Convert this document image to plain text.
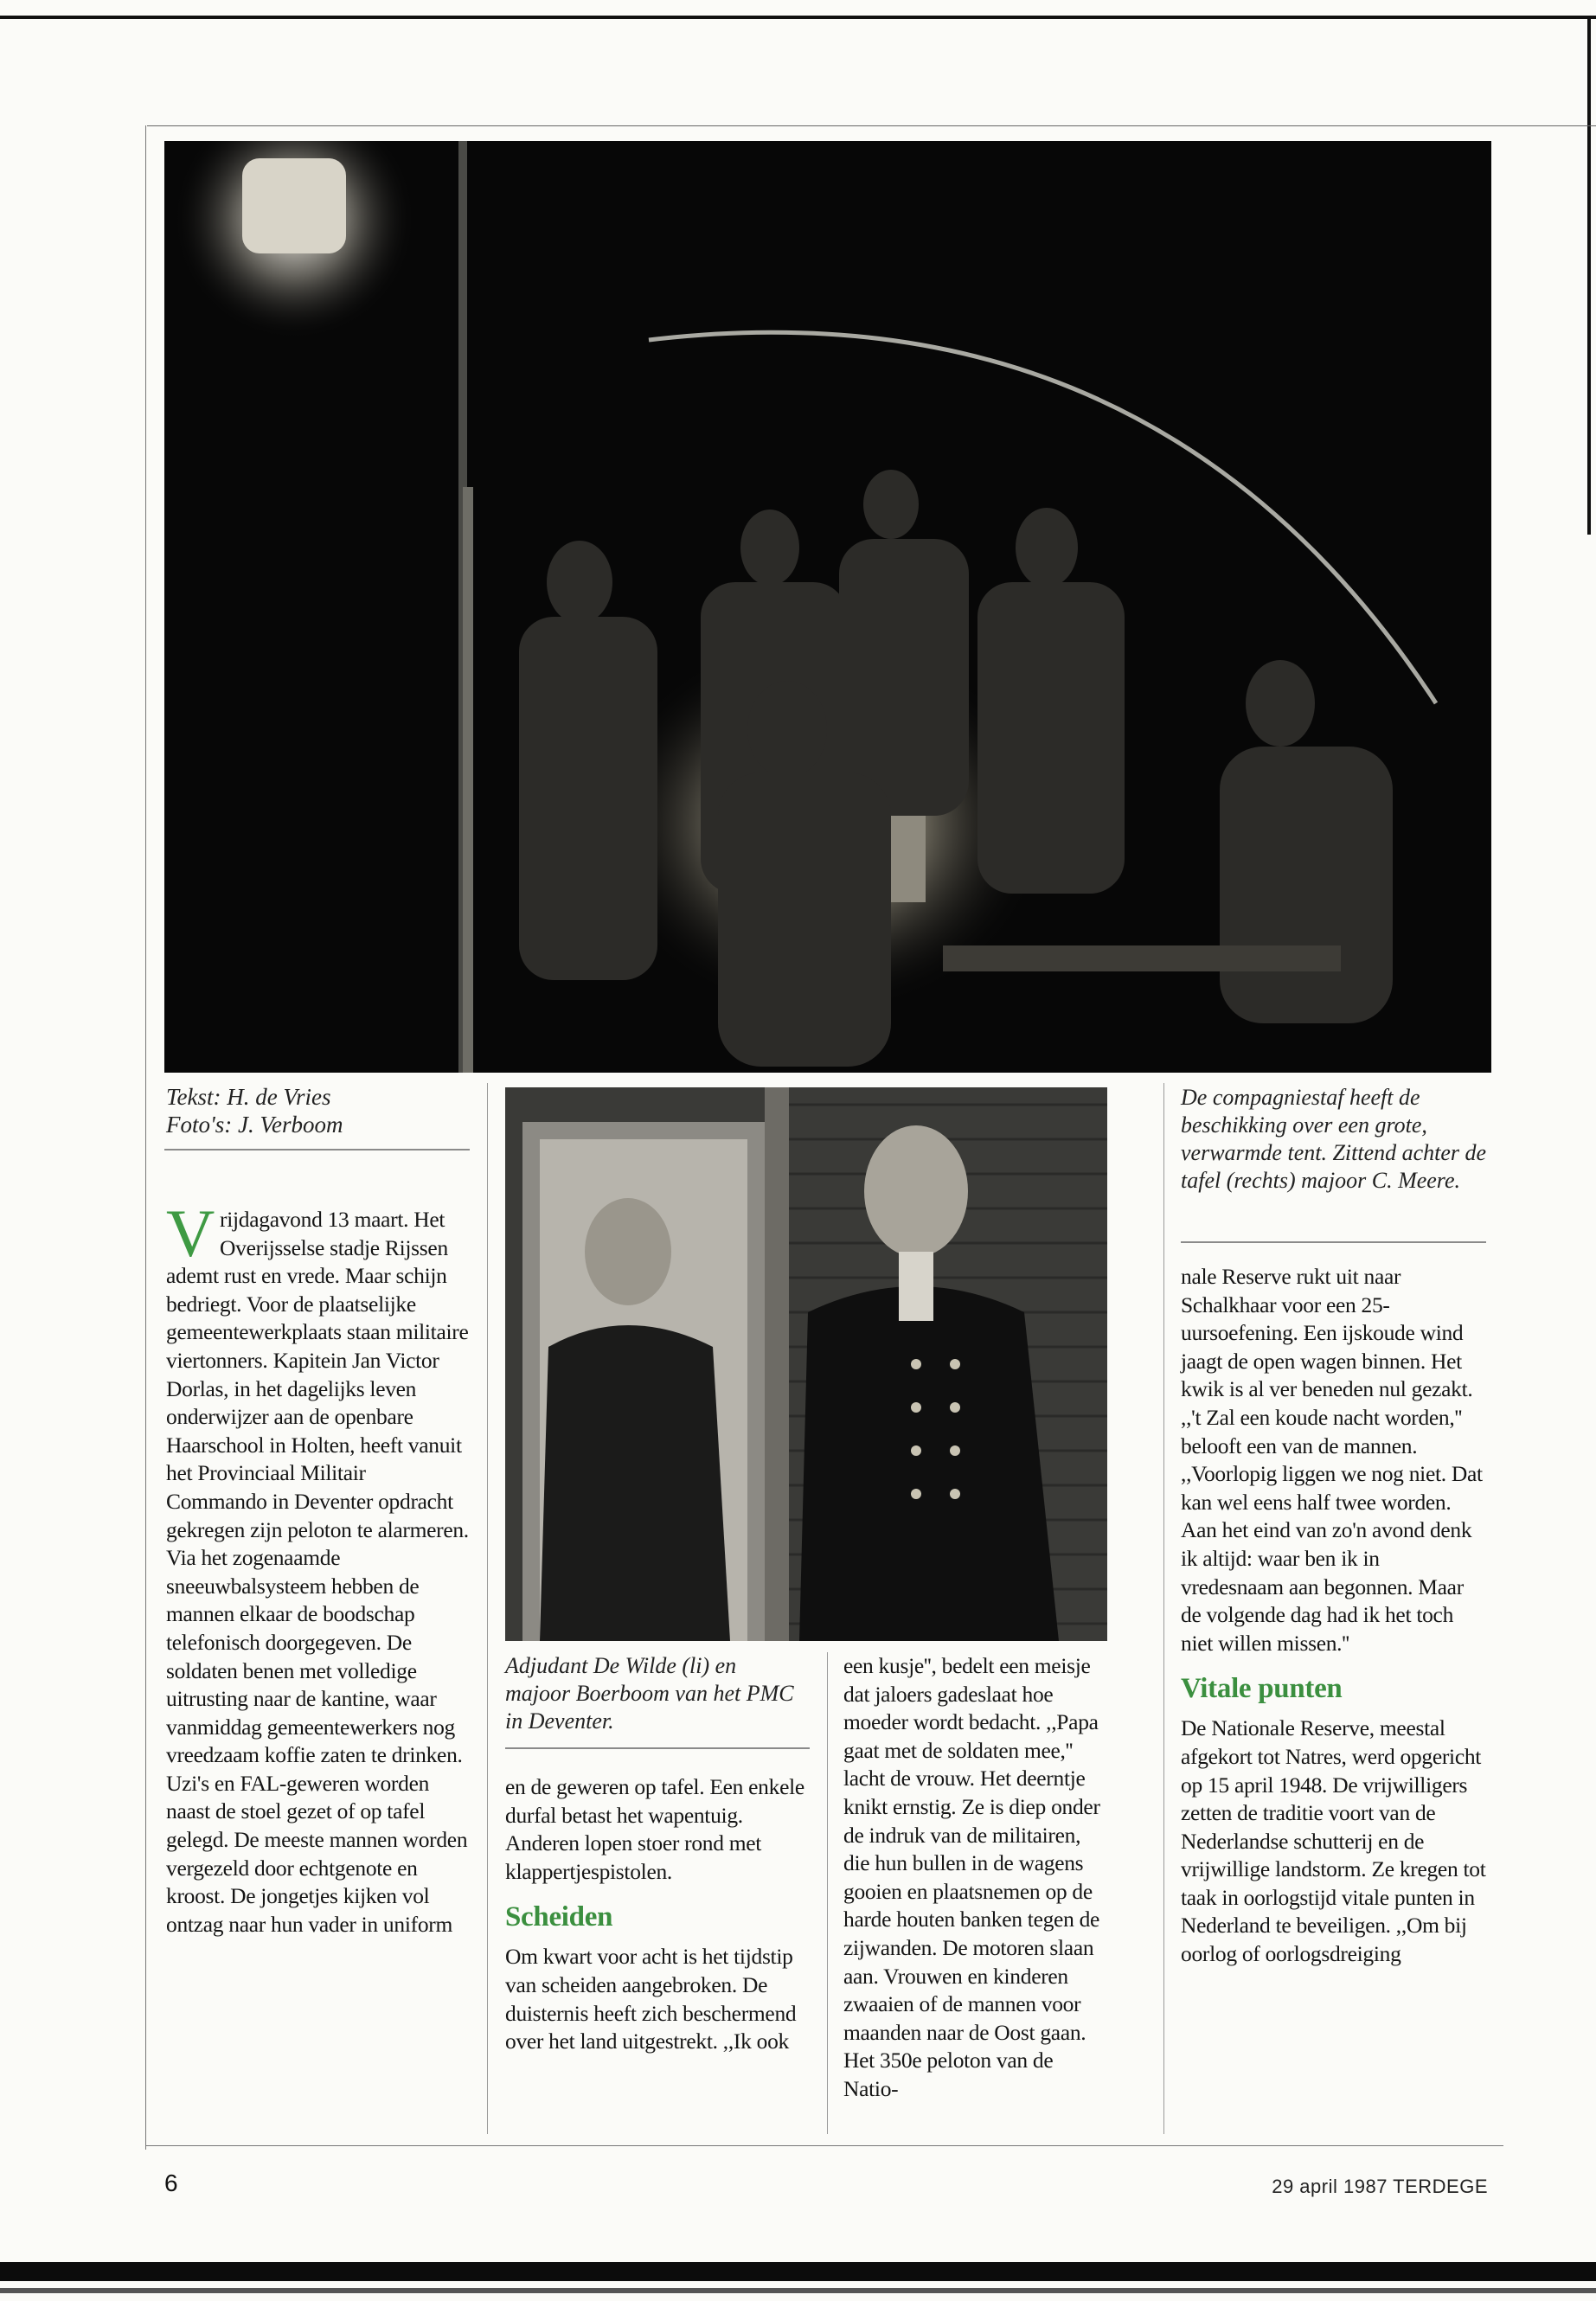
Tekst: H. de Vries
Foto's: J. Verboom

Vrijdagavond 13 maart. Het Overijsselse stadje Rijssen ademt rust en vrede. Maar schijn bedriegt. Voor de plaatselijke gemeentewerkplaats staan militaire viertonners. Kapitein Jan Victor Dorlas, in het dagelijks leven onderwijzer aan de openbare Haarschool in Holten, heeft vanuit het Provinciaal Militair Commando in Deventer opdracht gekregen zijn peloton te alarmeren. Via het zogenaamde sneeuwbalsysteem hebben de mannen elkaar de boodschap telefonisch doorgegeven. De soldaten benen met volledige uitrusting naar de kantine, waar vanmiddag gemeentewerkers nog vreedzaam koffie zaten te drinken. Uzi's en FAL-geweren worden naast de stoel gezet of op tafel gelegd. De meeste mannen worden vergezeld door echtgenote en kroost. De jongetjes kijken vol ontzag naar hun vader in uniform

Adjudant De Wilde (li) en majoor Boerboom van het PMC in Deventer.

en de geweren op tafel. Een enkele durfal betast het wapentuig. Anderen lopen stoer rond met klappertjespistolen.

Scheiden

Om kwart voor acht is het tijdstip van scheiden aangebroken. De duisternis heeft zich beschermend over het land uitgestrekt. ,,Ik ook

een kusje'', bedelt een meisje dat jaloers gadeslaat hoe moeder wordt bedacht. ,,Papa gaat met de soldaten mee,'' lacht de vrouw. Het deerntje knikt ernstig. Ze is diep onder de indruk van de militairen, die hun bullen in de wagens gooien en plaatsnemen op de harde houten banken tegen de zijwanden. De motoren slaan aan. Vrouwen en kinderen zwaaien of de mannen voor maanden naar de Oost gaan. Het 350e peloton van de Natio-

De compagniestaf heeft de beschikking over een grote, verwarmde tent. Zittend achter de tafel (rechts) majoor C. Meere.

nale Reserve rukt uit naar Schalkhaar voor een 25-uursoefening. Een ijskoude wind jaagt de open wagen binnen. Het kwik is al ver beneden nul gezakt. ,,'t Zal een koude nacht worden,'' belooft een van de mannen. ,,Voorlopig liggen we nog niet. Dat kan wel eens half twee worden. Aan het eind van zo'n avond denk ik altijd: waar ben ik in vredesnaam aan begonnen. Maar de volgende dag had ik het toch niet willen missen.''

Vitale punten

De Nationale Reserve, meestal afgekort tot Natres, werd opgericht op 15 april 1948. De vrijwilligers zetten de traditie voort van de Nederlandse schutterij en de vrijwillige landstorm. Ze kregen tot taak in oorlogstijd vitale punten in Nederland te beveiligen. ,,Om bij oorlog of oorlogsdreiging

6	29 april 1987 TERDEGE
